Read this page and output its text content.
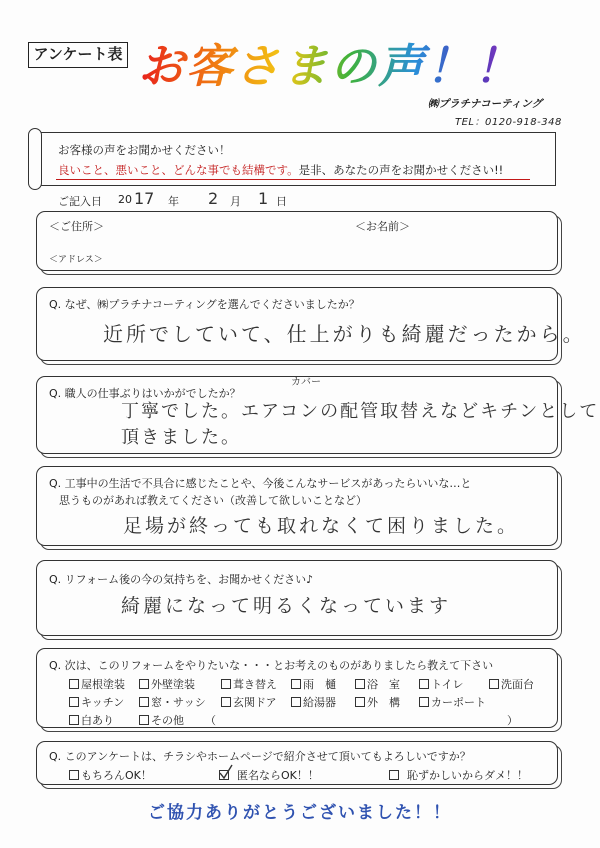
アンケート表 お客さまの声！！
㈱プラチナコーティング
TEL：0120-918-348
お客様の声をお聞かせください！
良いこと、悪いこと、どんな事でも結構です。是非、あなたの声をお聞かせください!!
ご記入日 20 17 年 2 月 1 日
＜ご住所＞	＜お名前＞
＜アドレス＞
Q. なぜ、㈱プラチナコーティングを選んでくださいましたか？
近所でしていて、仕上がりも綺麗だったから。
Q. 職人の仕事ぶりはいかがでしたか？
カバー
丁寧でした。エアコンの配管取替えなどキチンとして
頂きました。
Q. 工事中の生活で不具合に感じたことや、今後こんなサービスがあったらいいな…と
思うものがあれば教えてください（改善して欲しいことなど）
足場が終っても取れなくて困りました。
Q. リフォーム後の今の気持ちを、お聞かせください♪
綺麗になって明るくなっています
Q. 次は、このリフォームをやりたいな・・・とお考えのものがありましたら教えて下さい
屋根塗装	外壁塗装	葺き替え	雨　樋	浴　室	トイレ	洗面台
キッチン	窓・サッシ	玄関ドア	給湯器	外　構	カーポート
白あり	その他 （	）
Q. このアンケートは、チラシやホームページで紹介させて頂いてもよろしいですか？
もちろんOK！	匿名ならOK！！	恥ずかしいからダメ！！
ご協力ありがとうございました！！
